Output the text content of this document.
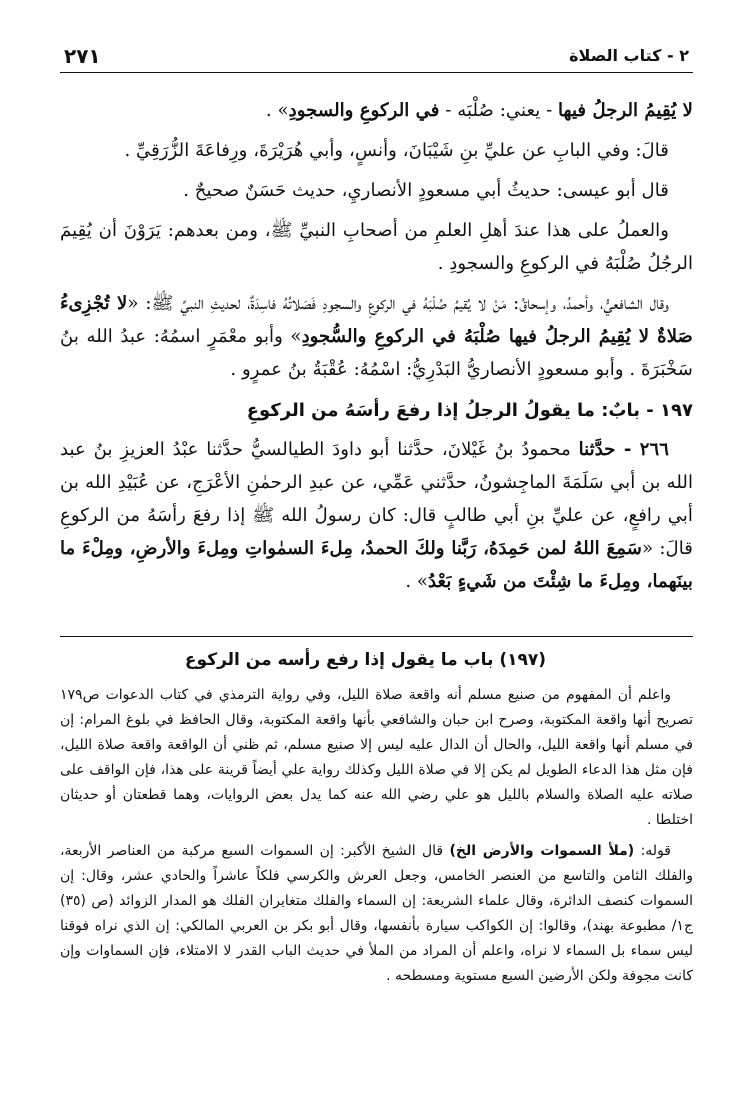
٢ - كتاب الصلاة
٢٧١

لا يُقِيمُ الرجلُ فيها - يعني: صُلْبَه - في الركوعِ والسجودِ» .

قالَ: وفي البابِ عن عليِّ بنِ شَيْبَانَ، وأنسٍ، وأبي هُرَيْرَةَ، ورِفاعَةَ الزُّرَقِيِّ .

قال أبو عيسى: حديثُ أبي مسعودٍ الأنصاريِ، حديث حَسَنٌ صحيحٌ .

والعملُ على هذا عندَ أهلِ العلمِ من أصحابِ النبيِّ ﷺ، ومن بعدهم: يَرَوْنَ أن يُقِيمَ الرجُلُ صُلْبَهُ في الركوعِ والسجودِ .

وقال الشافعيُّ، وأحمدُ، وإسحاقُ: مَنْ لا يُقيمُ صُلْبَهُ في الركوعِ والسجودِ فَصَلاتُهُ فاسِدَةٌ، لحديثِ النبيِّ ﷺ: «لا تُجْزِىءُ صَلاةٌ لا يُقِيمُ الرجلُ فيها صُلْبَهُ في الركوعِ والسُّجودِ» وأبو معْمَرٍ اسمُهُ: عبدُ الله بنُ سَخْبَرَةَ . وأبو مسعودٍ الأنصاريُّ البَدْرِيُّ: اسْمُهُ: عُقْبَةُ بنُ عمرٍو .

١٩٧ - بابٌ: ما يقولُ الرجلُ إذا رفعَ رأسَهُ من الركوعِ

٢٦٦ - حدَّثنا محمودُ بنُ غَيْلانَ، حدَّثنا أبو داودَ الطيالسيُّ حدَّثنا عبْدُ العزيزِ بنُ عبد الله بن أبي سَلَمَةَ الماجِشونُ، حدَّثني عَمِّي، عن عبدِ الرحمٰنِ الأعْرَجِ، عن عُبَيْدِ الله بن أبي رافعٍ، عن عليِّ بنِ أبي طالبٍ قال: كان رسولُ الله ﷺ إذا رفعَ رأسَهُ من الركوعِ قالَ: «سَمِعَ اللهُ لمن حَمِدَهُ، رَبَّنا ولكَ الحمدُ، مِلءَ السمٰواتِ ومِلءَ والأرضِ، ومِلْءَ ما بينَهما، ومِلءَ ما شِئْتَ من شَيءٍ بَعْدُ» .

(١٩٧) باب ما يقول إذا رفع رأسه من الركوع

واعلم أن المفهوم من صنيع مسلم أنه واقعة صلاة الليل، وفي رواية الترمذي في كتاب الدعوات ص١٧٩ تصريح أنها واقعة المكتوبة، وصرح ابن حبان والشافعي بأنها واقعة المكتوبة، وقال الحافظ في بلوغ المرام: إن في مسلم أنها واقعة الليل، والحال أن الدال عليه ليس إلا صنيع مسلم، ثم ظني أن الواقعة واقعة صلاة الليل، فإن مثل هذا الدعاء الطويل لم يكن إلا في صلاة الليل وكذلك رواية علي أيضاً قرينة على هذا، فإن الواقف على صلاته عليه الصلاة والسلام بالليل هو علي رضي الله عنه كما يدل بعض الروايات، وهما قطعتان أو حديثان اختلطا .

قوله: (ملأ السموات والأرض الخ) قال الشيخ الأكبر: إن السموات السبع مركبة من العناصر الأربعة، والفلك الثامن والتاسع من العنصر الخامس، وجعل العرش والكرسي فلكاً عاشراً والحادي عشر، وقال: إن السموات كنصف الدائرة، وقال علماء الشريعة: إن السماء والفلك متغايران الفلك هو المدار الزوائد (ص (٣٥) ج١/ مطبوعة بهند)، وقالوا: إن الكواكب سيارة بأنفسها، وقال أبو بكر بن العربي المالكي: إن الذي نراه فوقنا ليس سماء بل السماء لا نراه، واعلم أن المراد من الملأ في حديث الباب القدر لا الامتلاء، فإن السماوات وإن كانت مجوفة ولكن الأرضين السبع مستوية ومسطحه .
